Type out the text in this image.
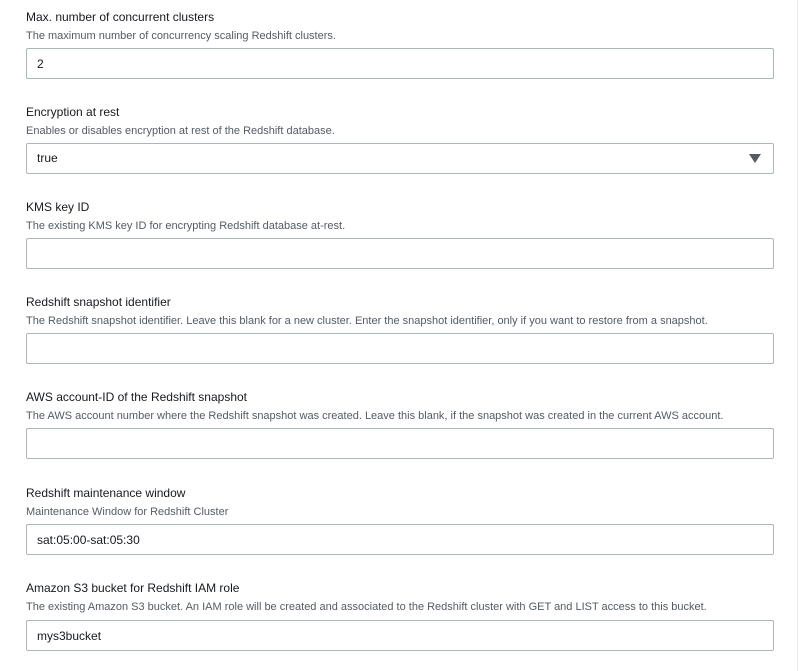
Max. number of concurrent clusters
The maximum number of concurrency scaling Redshift clusters.
2
Encryption at rest
Enables or disables encryption at rest of the Redshift database.
true
KMS key ID
The existing KMS key ID for encrypting Redshift database at-rest.
Redshift snapshot identifier
The Redshift snapshot identifier. Leave this blank for a new cluster. Enter the snapshot identifier, only if you want to restore from a snapshot.
AWS account-ID of the Redshift snapshot
The AWS account number where the Redshift snapshot was created. Leave this blank, if the snapshot was created in the current AWS account.
Redshift maintenance window
Maintenance Window for Redshift Cluster
sat:05:00-sat:05:30
Amazon S3 bucket for Redshift IAM role
The existing Amazon S3 bucket. An IAM role will be created and associated to the Redshift cluster with GET and LIST access to this bucket.
mys3bucket
